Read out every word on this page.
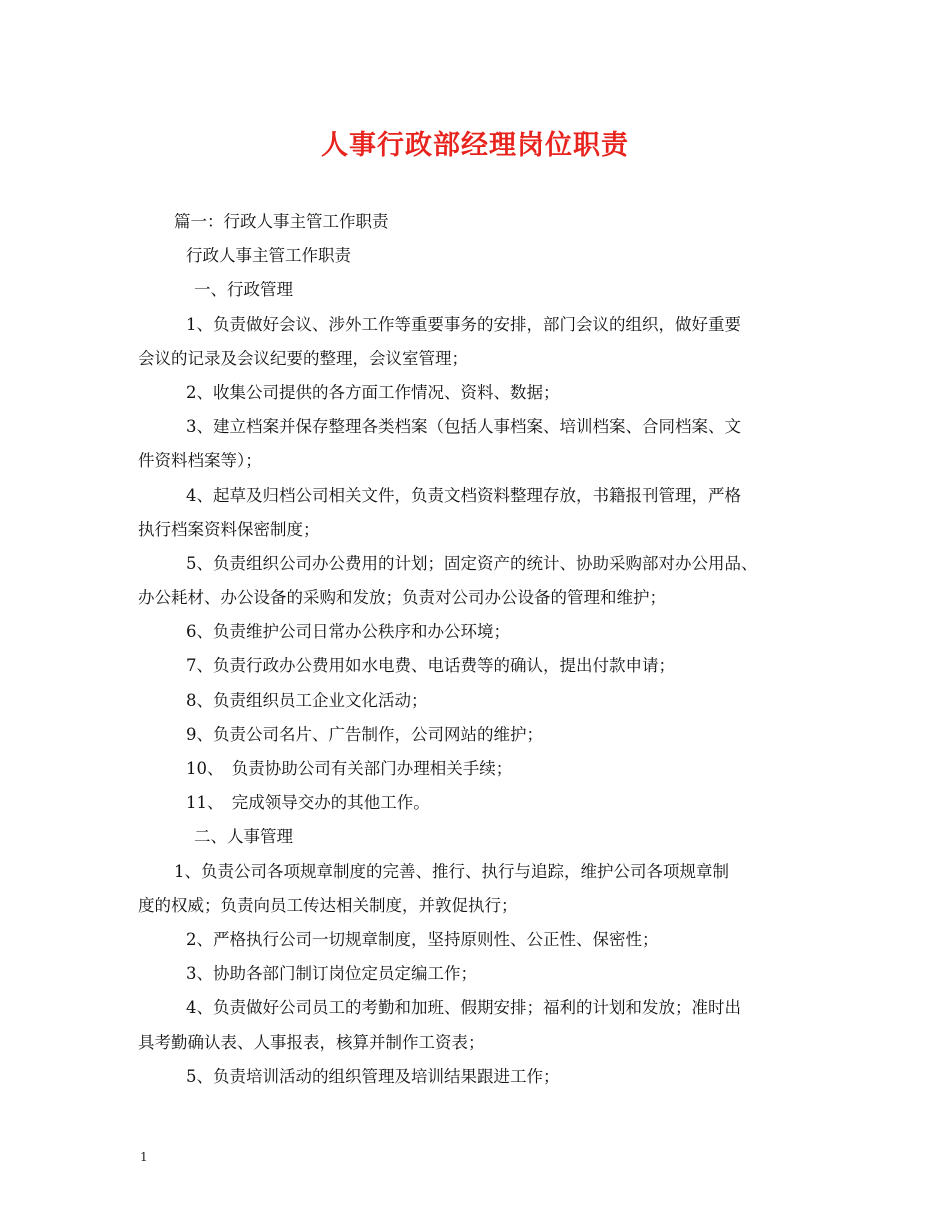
人事行政部经理岗位职责
篇一：行政人事主管工作职责
行政人事主管工作职责
一、行政管理
1、负责做好会议、涉外工作等重要事务的安排，部门会议的组织，做好重要
会议的记录及会议纪要的整理，会议室管理；
2、收集公司提供的各方面工作情况、资料、数据；
3、建立档案并保存整理各类档案（包括人事档案、培训档案、合同档案、文
件资料档案等）；
4、起草及归档公司相关文件，负责文档资料整理存放，书籍报刊管理，严格
执行档案资料保密制度；
5、负责组织公司办公费用的计划；固定资产的统计、协助采购部对办公用品、
办公耗材、办公设备的采购和发放；负责对公司办公设备的管理和维护；
6、负责维护公司日常办公秩序和办公环境；
7、负责行政办公费用如水电费、电话费等的确认，提出付款申请；
8、负责组织员工企业文化活动；
9、负责公司名片、广告制作，公司网站的维护；
10、　负责协助公司有关部门办理相关手续；
11、　完成领导交办的其他工作。
二、人事管理
1、负责公司各项规章制度的完善、推行、执行与追踪，维护公司各项规章制
度的权威；负责向员工传达相关制度，并敦促执行；
2、严格执行公司一切规章制度，坚持原则性、公正性、保密性；
3、协助各部门制订岗位定员定编工作；
4、负责做好公司员工的考勤和加班、假期安排；福利的计划和发放；准时出
具考勤确认表、人事报表，核算并制作工资表；
5、负责培训活动的组织管理及培训结果跟进工作；
1
